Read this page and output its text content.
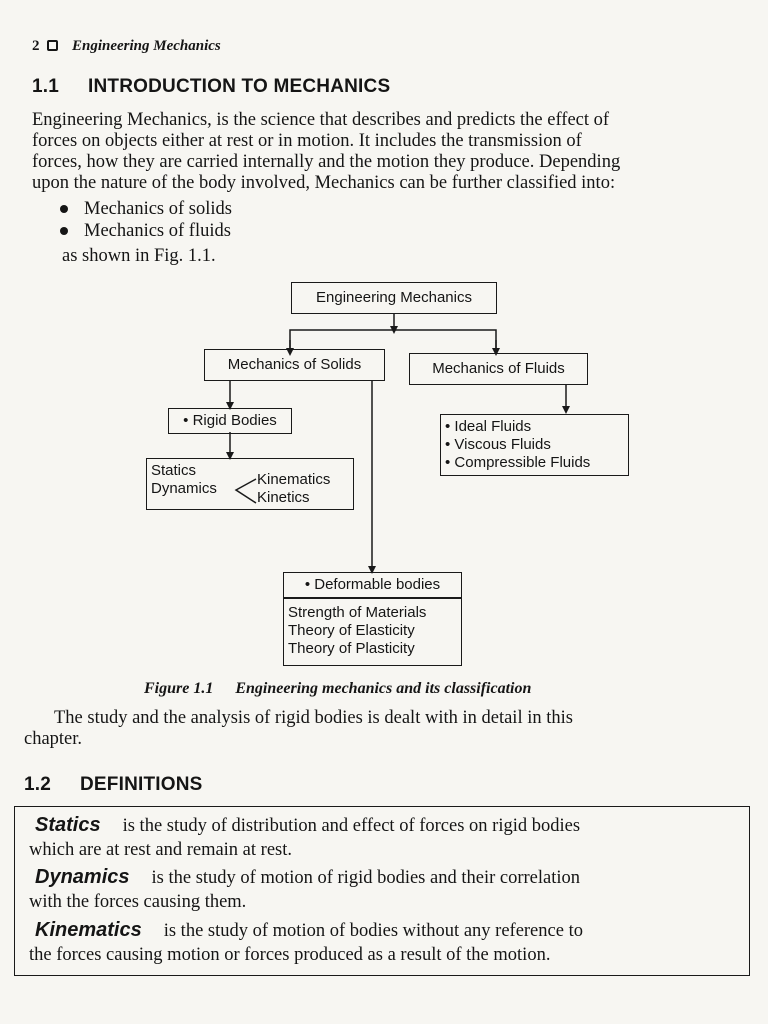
2 Engineering Mechanics
1.1 INTRODUCTION TO MECHANICS
Engineering Mechanics, is the science that describes and predicts the effect of
forces on objects either at rest or in motion. It includes the transmission of
forces, how they are carried internally and the motion they produce. Depending
upon the nature of the body involved, Mechanics can be further classified into:
Mechanics of solids
Mechanics of fluids
as shown in Fig. 1.1.
Engineering Mechanics
Mechanics of Solids	Mechanics of Fluids
• Rigid Bodies
Statics
Dynamics
Kinematics
Kinetics
• Ideal Fluids
• Viscous Fluids
• Compressible Fluids
• Deformable bodies
Strength of Materials
Theory of Elasticity
Theory of Plasticity
Figure 1.1 Engineering mechanics and its classification
The study and the analysis of rigid bodies is dealt with in detail in this
chapter.
1.2 DEFINITIONS
Statics is the study of distribution and effect of forces on rigid bodies
which are at rest and remain at rest.
Dynamics is the study of motion of rigid bodies and their correlation
with the forces causing them.
Kinematics is the study of motion of bodies without any reference to
the forces causing motion or forces produced as a result of the motion.
